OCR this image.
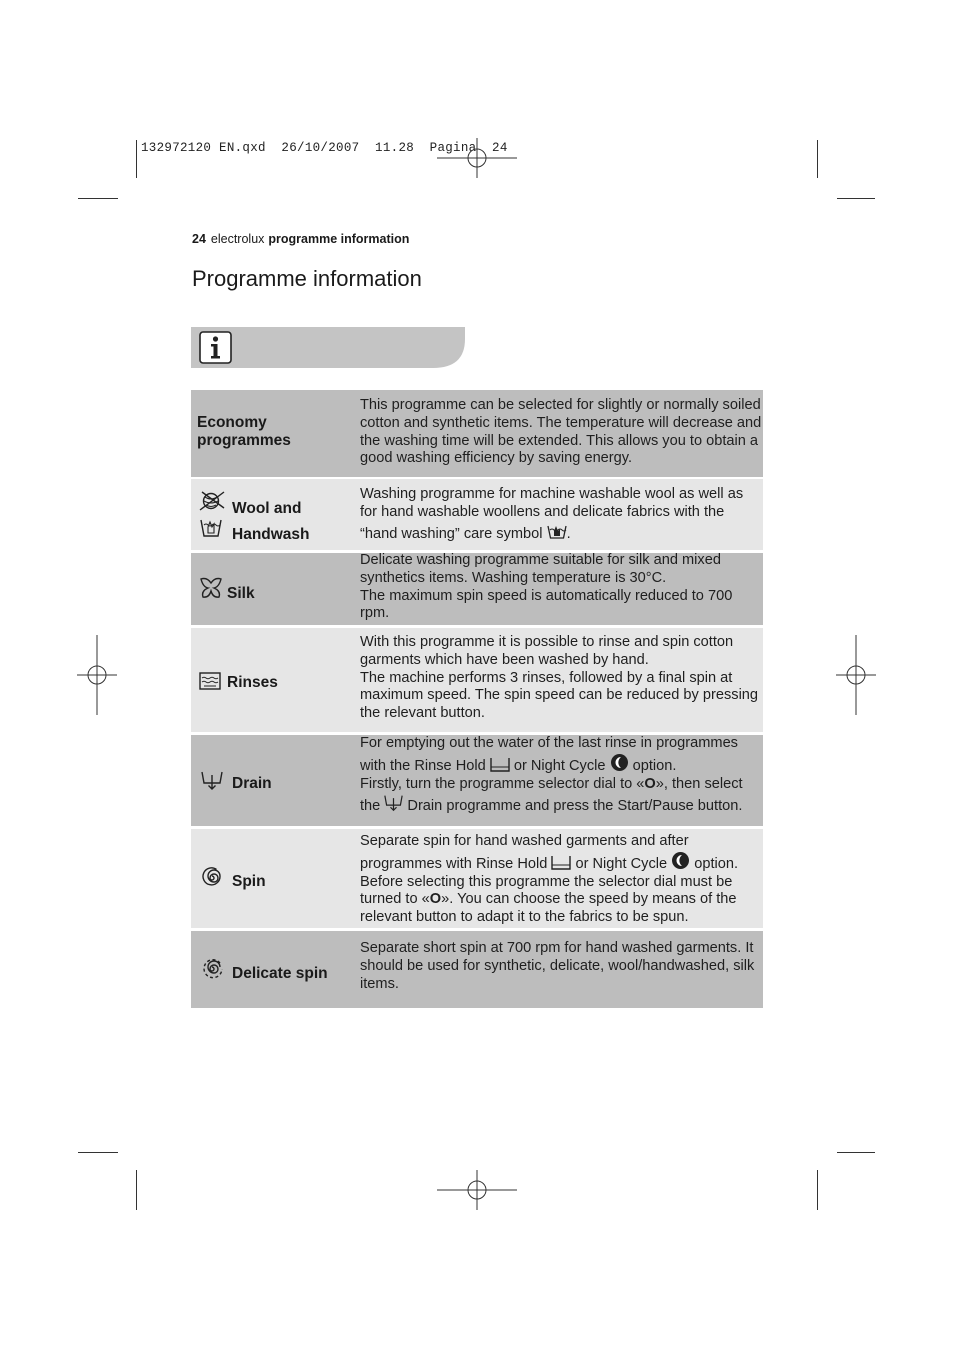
132972120 EN.qxd  26/10/2007  11.28  Pagina  24
24 electrolux programme information
Programme information
Economy
programmes
This programme can be selected for slightly or normally soiled cotton and synthetic items. The temperature will decrease and the washing time will be extended. This allows you to obtain a good washing efficiency by saving energy.
Wool and
Handwash
Washing programme for machine washable wool as well as for hand washable woollens and delicate fabrics with the “hand washing” care symbol .
Silk
Delicate washing programme suitable for silk and mixed synthetics items. Washing temperature is 30°C.
The maximum spin speed is automatically reduced to 700 rpm.
Rinses
With this programme it is possible to rinse and spin cotton garments which have been washed by hand.
The machine performs 3 rinses, followed by a final spin at maximum speed. The spin speed can be reduced by pressing the relevant button.
Drain
For emptying out the water of the last rinse in programmes with the Rinse Hold  or Night Cycle  option.
Firstly, turn the programme selector dial to «O», then select the  Drain programme and press the Start/Pause button.
Spin
Separate spin for hand washed garments and after programmes with Rinse Hold  or Night Cycle  option.
Before selecting this programme the selector dial must be turned to «O». You can choose the speed by means of the relevant button to adapt it to the fabrics to be spun.
Delicate spin
Separate short spin at 700 rpm for hand washed garments. It should be used for synthetic, delicate, wool/handwashed, silk items.
